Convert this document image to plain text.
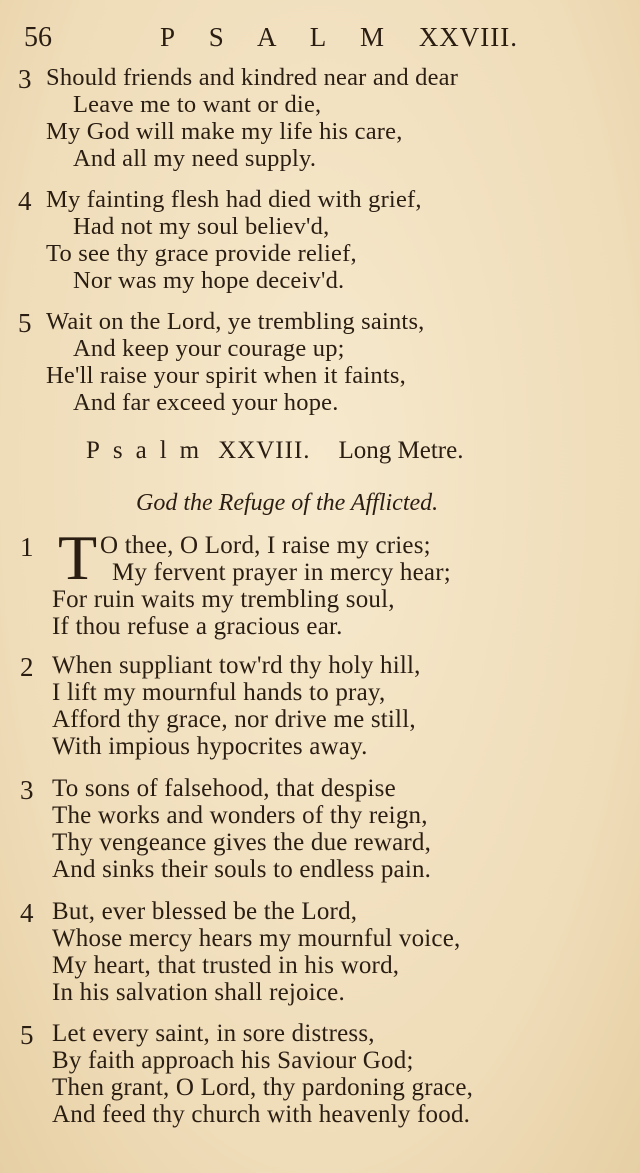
56	P S A L M XXVIII.
3 Should friends and kindred near and dear
Leave me to want or die,
My God will make my life his care,
And all my need supply.
4 My fainting flesh had died with grief,
Had not my soul believ'd,
To see thy grace provide relief,
Nor was my hope deceiv'd.
5 Wait on the Lord, ye trembling saints,
And keep your courage up;
He'll raise your spirit when it faints,
And far exceed your hope.
Psalm XXVIII. Long Metre.
God the Refuge of the Afflicted.
1	O thee, O Lord, I raise my cries;
My fervent prayer in mercy hear;
For ruin waits my trembling soul,
If thou refuse a gracious ear.
T
2 When suppliant tow'rd thy holy hill,
I lift my mournful hands to pray,
Afford thy grace, nor drive me still,
With impious hypocrites away.
3 To sons of falsehood, that despise
The works and wonders of thy reign,
Thy vengeance gives the due reward,
And sinks their souls to endless pain.
4 But, ever blessed be the Lord,
Whose mercy hears my mournful voice,
My heart, that trusted in his word,
In his salvation shall rejoice.
5 Let every saint, in sore distress,
By faith approach his Saviour God;
Then grant, O Lord, thy pardoning grace,
And feed thy church with heavenly food.
